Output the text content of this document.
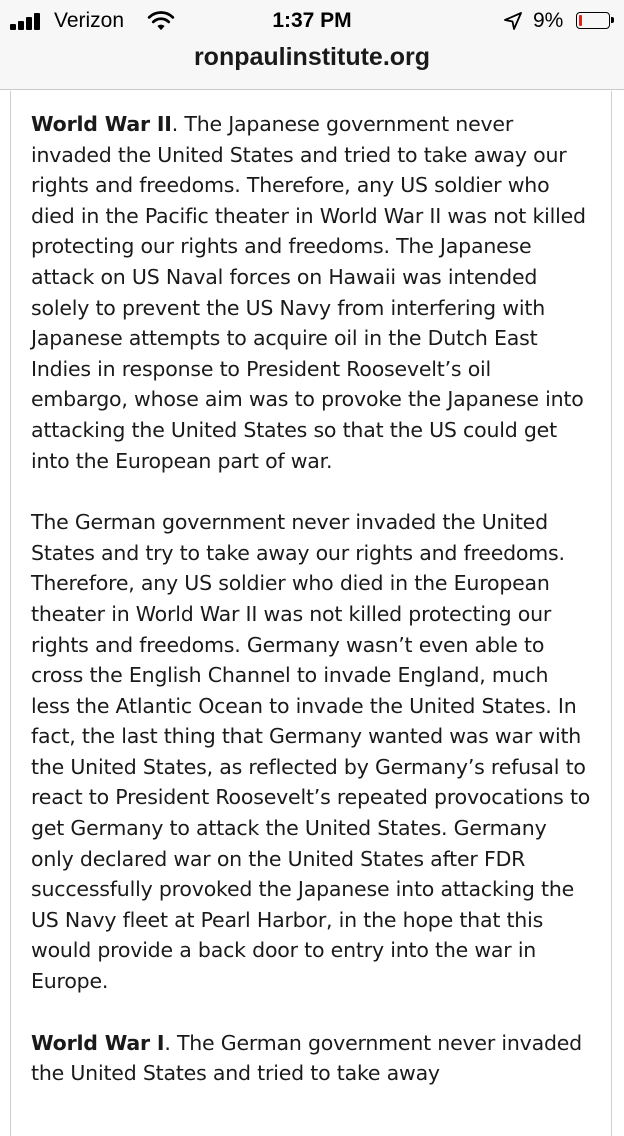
Verizon	1:37 PM	9%
ronpaulinstitute.org

World War II. The Japanese government never invaded the United States and tried to take away our rights and freedoms. Therefore, any US soldier who died in the Pacific theater in World War II was not killed protecting our rights and freedoms. The Japanese attack on US Naval forces on Hawaii was intended solely to prevent the US Navy from interfering with Japanese attempts to acquire oil in the Dutch East Indies in response to President Roosevelt’s oil embargo, whose aim was to provoke the Japanese into attacking the United States so that the US could get into the European part of war.

The German government never invaded the United States and try to take away our rights and freedoms. Therefore, any US soldier who died in the European theater in World War II was not killed protecting our rights and freedoms. Germany wasn’t even able to cross the English Channel to invade England, much less the Atlantic Ocean to invade the United States. In fact, the last thing that Germany wanted was war with the United States, as reflected by Germany’s refusal to react to President Roosevelt’s repeated provocations to get Germany to attack the United States. Germany only declared war on the United States after FDR successfully provoked the Japanese into attacking the US Navy fleet at Pearl Harbor, in the hope that this would provide a back door to entry into the war in Europe.

World War I. The German government never invaded the United States and tried to take away
